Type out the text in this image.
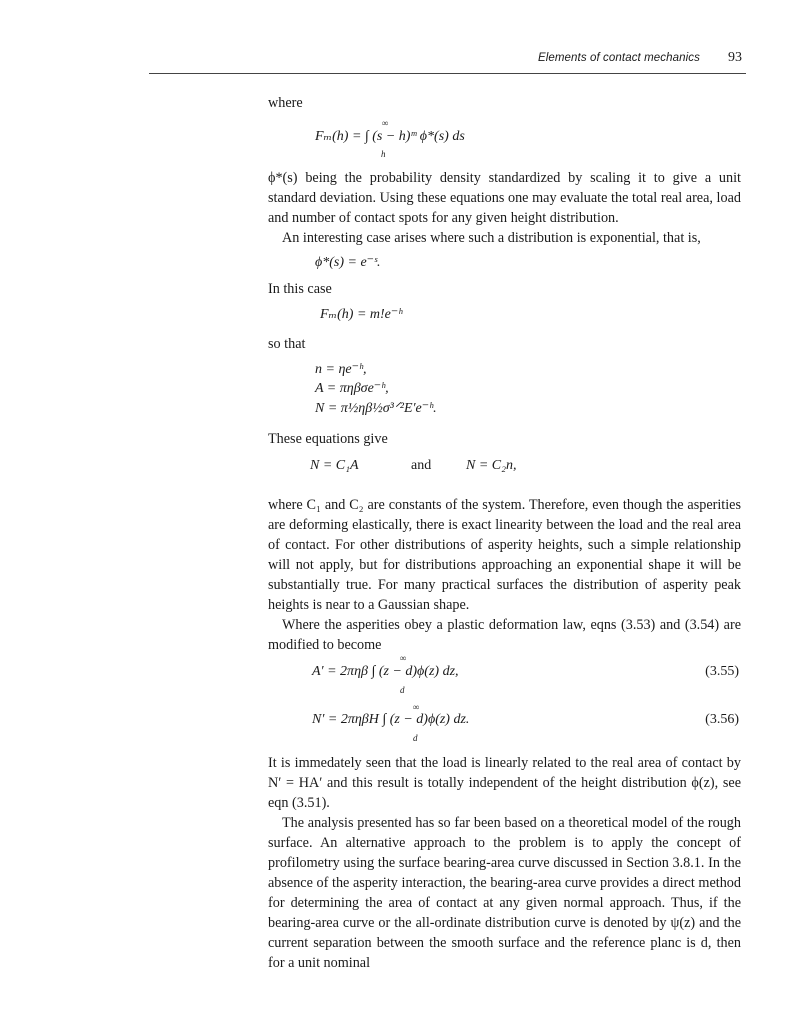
Elements of contact mechanics	93

where

∞
Fₘ(h) = ∫ (s − h)ᵐ ϕ*(s) ds
h

ϕ*(s) being the probability density standardized by scaling it to give a unit standard deviation. Using these equations one may evaluate the total real area, load and number of contact spots for any given height distribution.

An interesting case arises where such a distribution is exponential, that is,

ϕ*(s) = e⁻ˢ.

In this case

Fₘ(h) = m!e⁻ʰ

so that

n = ηe⁻ʰ,
A = πηβσe⁻ʰ,
N = π½ηβ½σ³ᐟ²E′e⁻ʰ.

These equations give

N = C₁A	and N = C₂n,

where C₁ and C₂ are constants of the system. Therefore, even though the asperities are deforming elastically, there is exact linearity between the load and the real area of contact. For other distributions of asperity heights, such a simple relationship will not apply, but for distributions approaching an exponential shape it will be substantially true. For many practical surfaces the distribution of asperity peak heights is near to a Gaussian shape.

Where the asperities obey a plastic deformation law, eqns (3.53) and (3.54) are modified to become

∞
A′ = 2πηβ ∫ (z − d)ϕ(z) dz,
d
(3.55)
∞
N′ = 2πηβH ∫ (z − d)ϕ(z) dz.
d
(3.56)

It is immedately seen that the load is linearly related to the real area of contact by N′ = HA′ and this result is totally independent of the height distribution ϕ(z), see eqn (3.51).

The analysis presented has so far been based on a theoretical model of the rough surface. An alternative approach to the problem is to apply the concept of profilometry using the surface bearing-area curve discussed in Section 3.8.1. In the absence of the asperity interaction, the bearing-area curve provides a direct method for determining the area of contact at any given normal approach. Thus, if the bearing-area curve or the all-ordinate distribution curve is denoted by ψ(z) and the current separation between the smooth surface and the reference planc is d, then for a unit nominal
